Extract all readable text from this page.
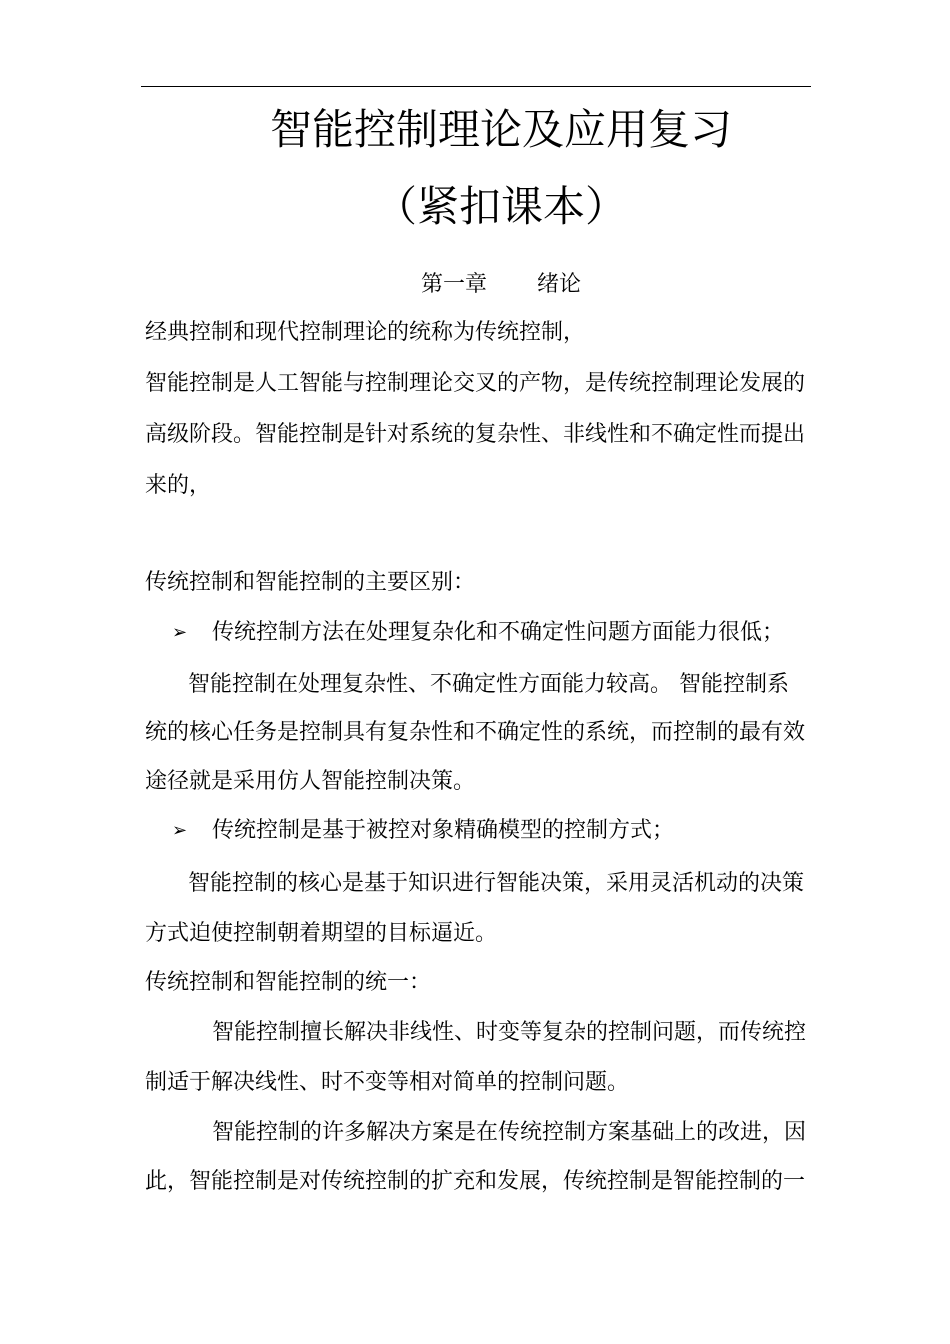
智能控制理论及应用复习
（紧扣课本）
第一章 绪论
经典控制和现代控制理论的统称为传统控制，
智能控制是人工智能与控制理论交叉的产物，是传统控制理论发展的
高级阶段。智能控制是针对系统的复杂性、非线性和不确定性而提出
来的，
传统控制和智能控制的主要区别：
➢ 传统控制方法在处理复杂化和不确定性问题方面能力很低；
智能控制在处理复杂性、不确定性方面能力较高。 智能控制系
统的核心任务是控制具有复杂性和不确定性的系统，而控制的最有效
途径就是采用仿人智能控制决策。
➢ 传统控制是基于被控对象精确模型的控制方式；
智能控制的核心是基于知识进行智能决策，采用灵活机动的决策
方式迫使控制朝着期望的目标逼近。
传统控制和智能控制的统一：
智能控制擅长解决非线性、时变等复杂的控制问题，而传统控
制适于解决线性、时不变等相对简单的控制问题。
智能控制的许多解决方案是在传统控制方案基础上的改进，因
此，智能控制是对传统控制的扩充和发展，传统控制是智能控制的一
